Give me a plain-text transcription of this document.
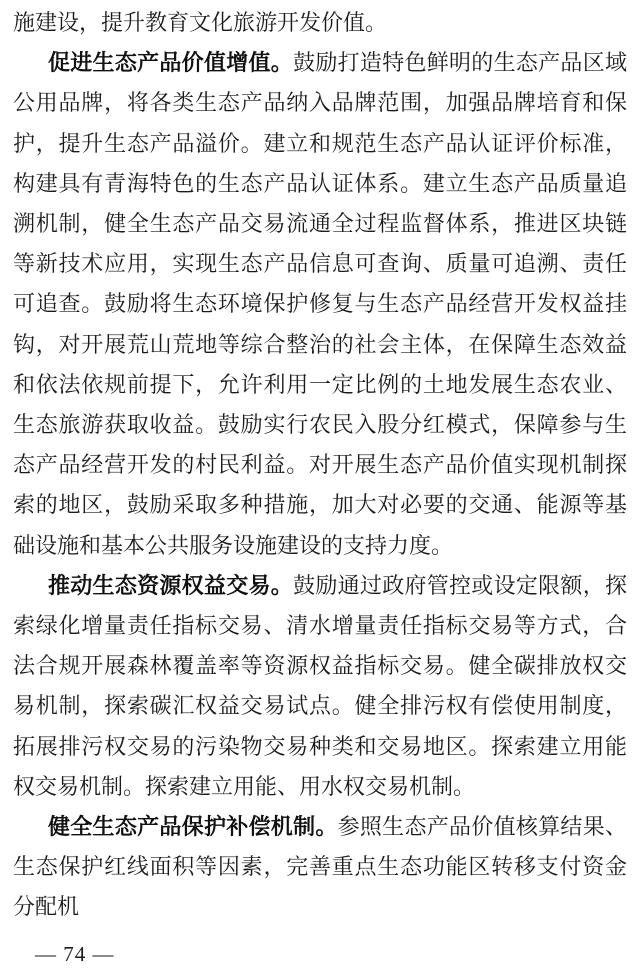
施建设，提升教育文化旅游开发价值。

促进生态产品价值增值。鼓励打造特色鲜明的生态产品区域公用品牌，将各类生态产品纳入品牌范围，加强品牌培育和保护，提升生态产品溢价。建立和规范生态产品认证评价标准，构建具有青海特色的生态产品认证体系。建立生态产品质量追溯机制，健全生态产品交易流通全过程监督体系，推进区块链等新技术应用，实现生态产品信息可查询、质量可追溯、责任可追查。鼓励将生态环境保护修复与生态产品经营开发权益挂钩，对开展荒山荒地等综合整治的社会主体，在保障生态效益和依法依规前提下，允许利用一定比例的土地发展生态农业、生态旅游获取收益。鼓励实行农民入股分红模式，保障参与生态产品经营开发的村民利益。对开展生态产品价值实现机制探索的地区，鼓励采取多种措施，加大对必要的交通、能源等基础设施和基本公共服务设施建设的支持力度。

推动生态资源权益交易。鼓励通过政府管控或设定限额，探索绿化增量责任指标交易、清水增量责任指标交易等方式，合法合规开展森林覆盖率等资源权益指标交易。健全碳排放权交易机制，探索碳汇权益交易试点。健全排污权有偿使用制度，拓展排污权交易的污染物交易种类和交易地区。探索建立用能权交易机制。探索建立用能、用水权交易机制。

健全生态产品保护补偿机制。参照生态产品价值核算结果、生态保护红线面积等因素，完善重点生态功能区转移支付资金分配机

— 74 —
